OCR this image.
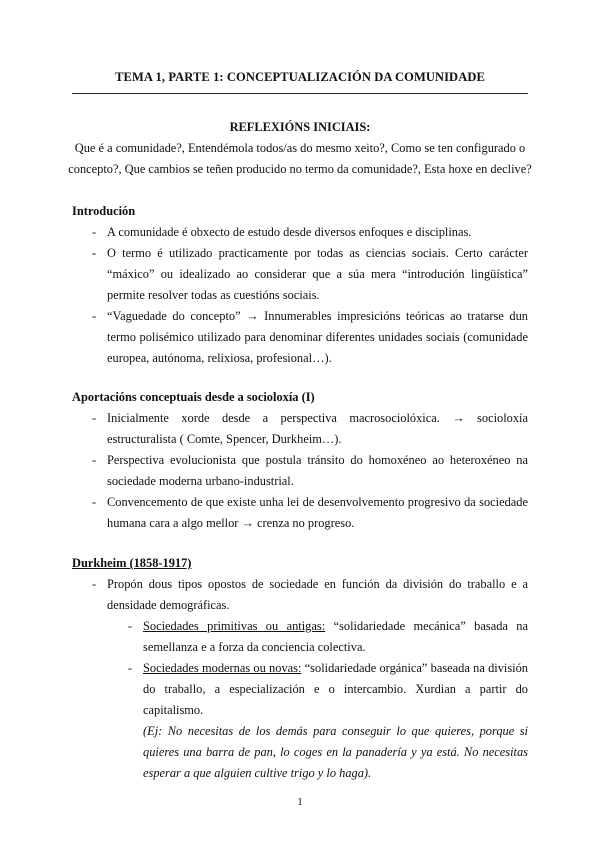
TEMA 1, PARTE 1: CONCEPTUALIZACIÓN DA COMUNIDADE
REFLEXIÓNS INICIAIS:
Que é a comunidade?, Entendémola todos/as do mesmo xeito?, Como se ten configurado o concepto?, Que cambios se teñen producido no termo da comunidade?, Esta hoxe en declive?
Introdución
- A comunidade é obxecto de estudo desde diversos enfoques e disciplinas.
- O termo é utilizado practicamente por todas as ciencias sociais. Certo carácter “máxico” ou idealizado ao considerar que a súa mera “introdución lingüística” permite resolver todas as cuestións sociais.
- “Vaguedade do concepto” → Innumerables impresicións teóricas ao tratarse dun termo polisémico utilizado para denominar diferentes unidades sociais (comunidade europea, autónoma, relixiosa, profesional…).
Aportacións conceptuais desde a socioloxía (I)
- Inicialmente xorde desde a perspectiva macrosociolóxica. → socioloxía estructuralista ( Comte, Spencer, Durkheim…).
- Perspectiva evolucionista que postula tránsito do homoxéneo ao heteroxéneo na sociedade moderna urbano-industrial.
- Convencemento de que existe unha lei de desenvolvemento progresivo da sociedade humana cara a algo mellor → crenza no progreso.
Durkheim (1858-1917)
- Propón dous tipos opostos de sociedade en función da división do traballo e a densidade demográficas.
- Sociedades primitivas ou antigas: “solidariedade mecánica” basada na semellanza e a forza da conciencia colectiva.
- Sociedades modernas ou novas: “solidariedade orgánica” baseada na división do traballo, a especialización e o intercambio. Xurdian a partir do capitalismo.
(Ej: No necesitas de los demás para conseguir lo que quieres, porque si quieres una barra de pan, lo coges en la panadería y ya está. No necesitas esperar a que alguien cultive trigo y lo haga).
1
